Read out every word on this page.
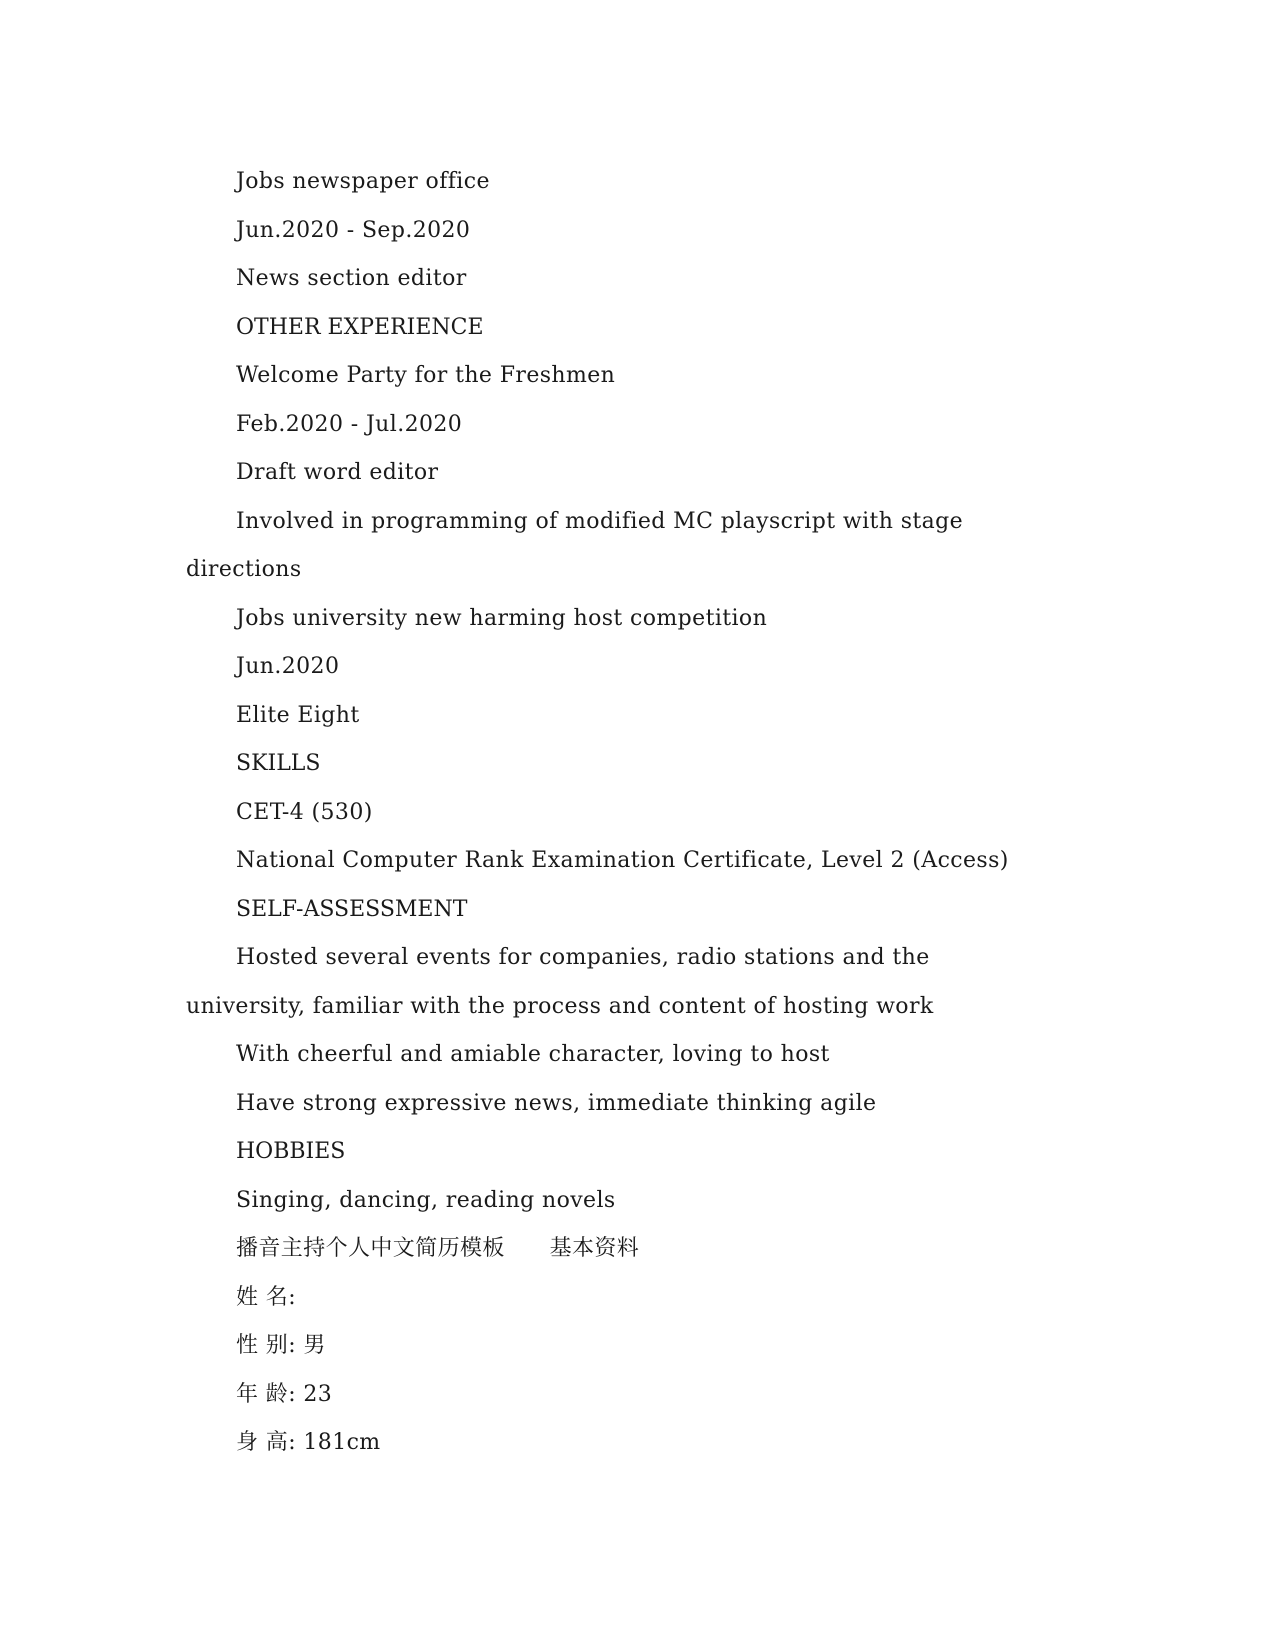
Jobs newspaper office

Jun.2020 - Sep.2020

News section editor

OTHER EXPERIENCE

Welcome Party for the Freshmen

Feb.2020 - Jul.2020

Draft word editor

Involved in programming of modified MC playscript with stage directions

Jobs university new harming host competition

Jun.2020

Elite Eight

SKILLS

CET-4 (530)

National Computer Rank Examination Certificate, Level 2 (Access)

SELF-ASSESSMENT

Hosted several events for companies, radio stations and the university, familiar with the process and content of hosting work

With cheerful and amiable character, loving to host

Have strong expressive news, immediate thinking agile

HOBBIES

Singing, dancing, reading novels

播音主持个人中文简历模板　　基本资料

姓 名:

性 别: 男

年 龄: 23

身 高: 181cm
